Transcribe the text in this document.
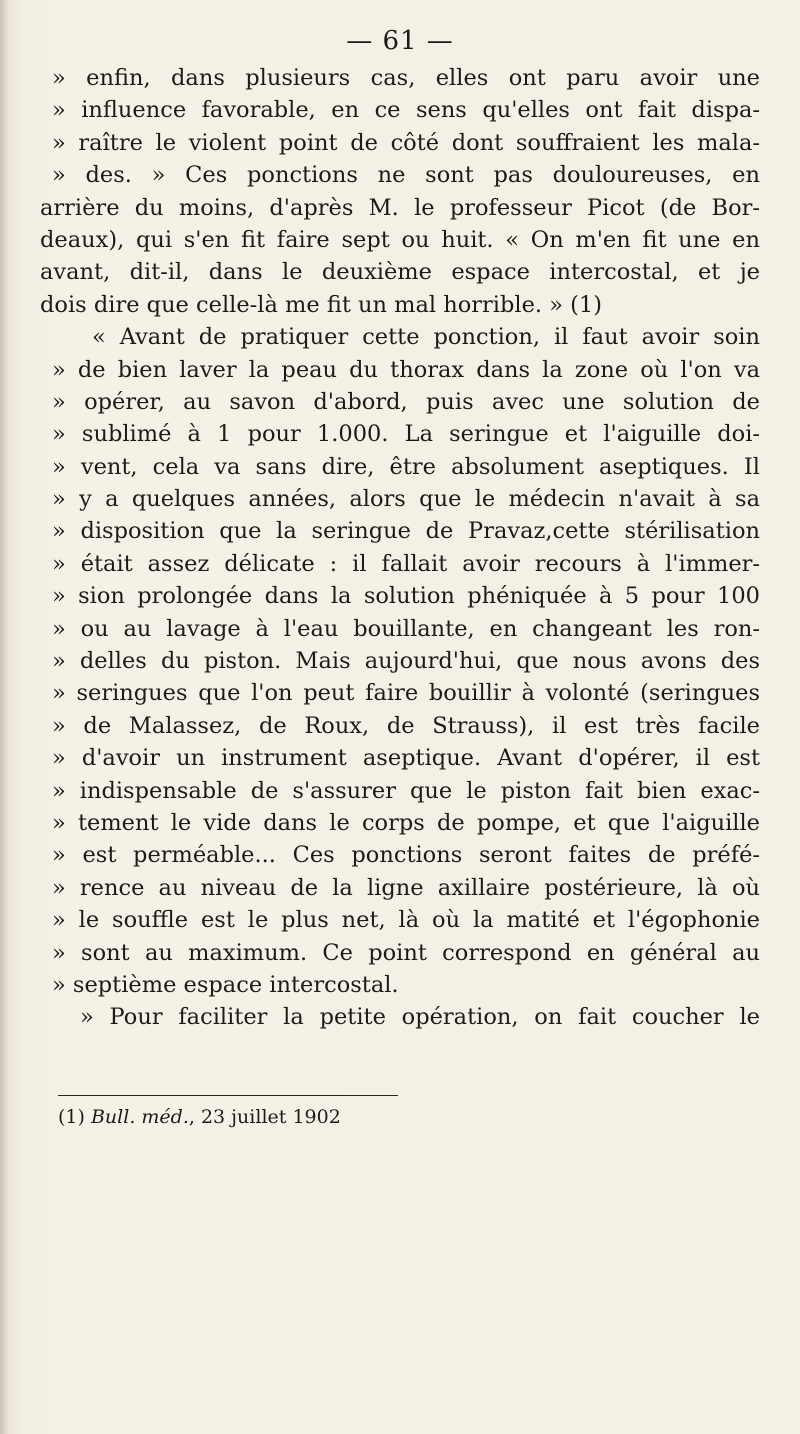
— 61 —
» enfin, dans plusieurs cas, elles ont paru avoir une
» influence favorable, en ce sens qu'elles ont fait dispa-
» raître le violent point de côté dont souffraient les mala-
» des. » Ces ponctions ne sont pas douloureuses, en
arrière du moins, d'après M. le professeur Picot (de Bor-
deaux), qui s'en fit faire sept ou huit. « On m'en fit une en
avant, dit-il, dans le deuxième espace intercostal, et je
dois dire que celle-là me fit un mal horrible. » (1)
« Avant de pratiquer cette ponction, il faut avoir soin
» de bien laver la peau du thorax dans la zone où l'on va
» opérer, au savon d'abord, puis avec une solution de
» sublimé à 1 pour 1.000. La seringue et l'aiguille doi-
» vent, cela va sans dire, être absolument aseptiques. Il
» y a quelques années, alors que le médecin n'avait à sa
» disposition que la seringue de Pravaz,cette stérilisation
» était assez délicate : il fallait avoir recours à l'immer-
» sion prolongée dans la solution phéniquée à 5 pour 100
» ou au lavage à l'eau bouillante, en changeant les ron-
» delles du piston. Mais aujourd'hui, que nous avons des
» seringues que l'on peut faire bouillir à volonté (seringues
» de Malassez, de Roux, de Strauss), il est très facile
» d'avoir un instrument aseptique. Avant d'opérer, il est
» indispensable de s'assurer que le piston fait bien exac-
» tement le vide dans le corps de pompe, et que l'aiguille
» est perméable... Ces ponctions seront faites de préfé-
» rence au niveau de la ligne axillaire postérieure, là où
» le souffle est le plus net, là où la matité et l'égophonie
» sont au maximum. Ce point correspond en général au
» septième espace intercostal.
» Pour faciliter la petite opération, on fait coucher le
(1) Bull. méd., 23 juillet 1902
